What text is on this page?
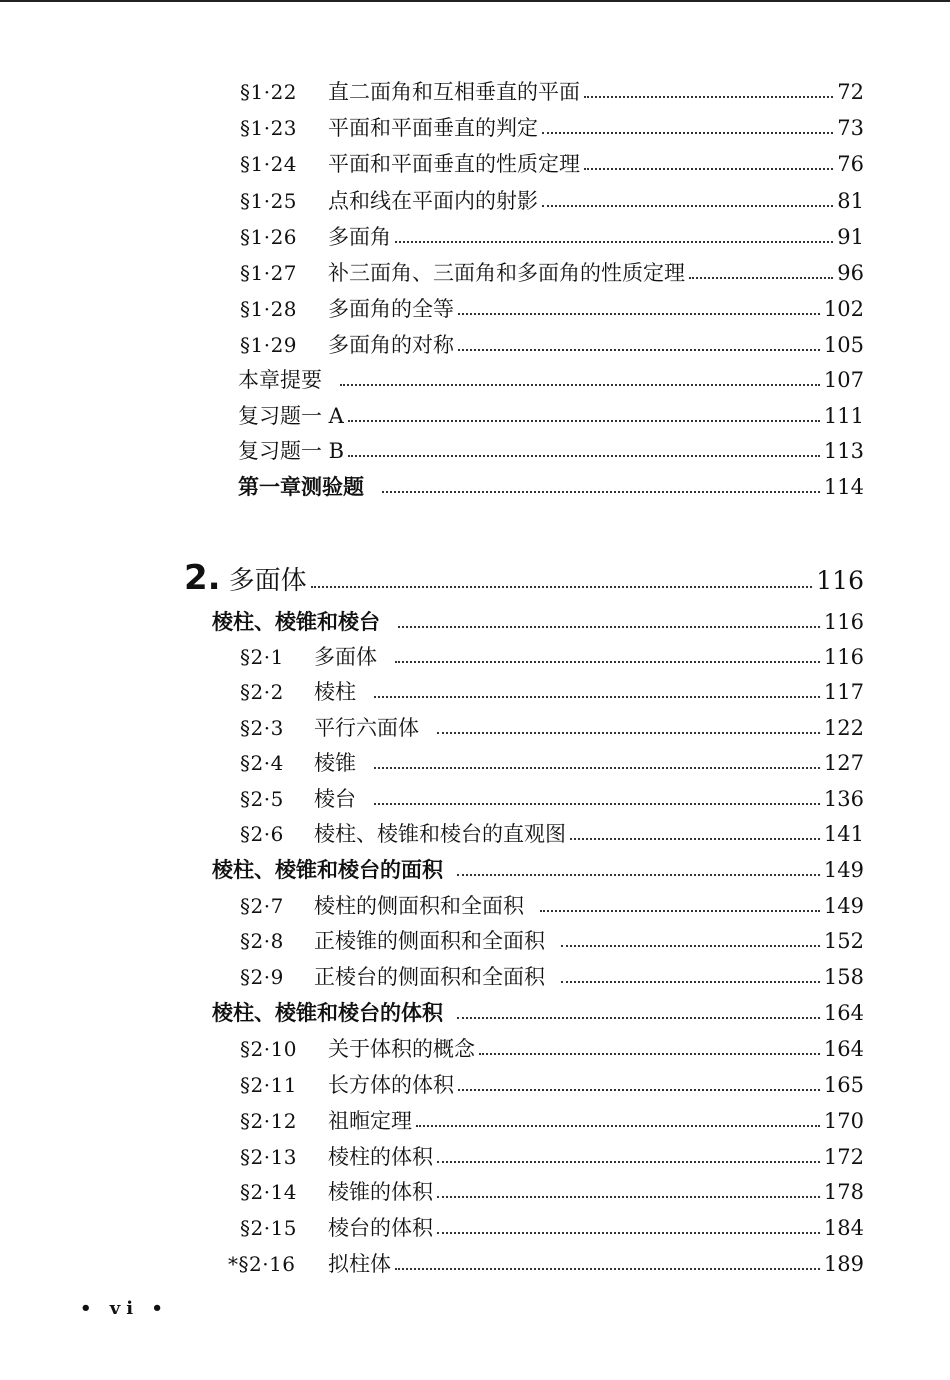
§1·22	直二面角和互相垂直的平面	72
§1·23	平面和平面垂直的判定	73
§1·24	平面和平面垂直的性质定理	76
§1·25	点和线在平面内的射影	81
§1·26	多面角	91
§1·27	补三面角、三面角和多面角的性质定理	96
§1·28	多面角的全等	102
§1·29	多面角的对称	105
本章提要	107
复习题一 A	111
复习题一 B	113
第一章测验题	114
2. 多面体	116
棱柱、棱锥和棱台	116
§2·1	多面体	116
§2·2	棱柱	117
§2·3	平行六面体	122
§2·4	棱锥	127
§2·5	棱台	136
§2·6	棱柱、棱锥和棱台的直观图	141
棱柱、棱锥和棱台的面积	149
§2·7	棱柱的侧面积和全面积	149
§2·8	正棱锥的侧面积和全面积	152
§2·9	正棱台的侧面积和全面积	158
棱柱、棱锥和棱台的体积	164
§2·10	关于体积的概念	164
§2·11	长方体的体积	165
§2·12	祖暅定理	170
§2·13	棱柱的体积	172
§2·14	棱锥的体积	178
§2·15	棱台的体积	184
*§2·16	拟柱体	189
• vi •
